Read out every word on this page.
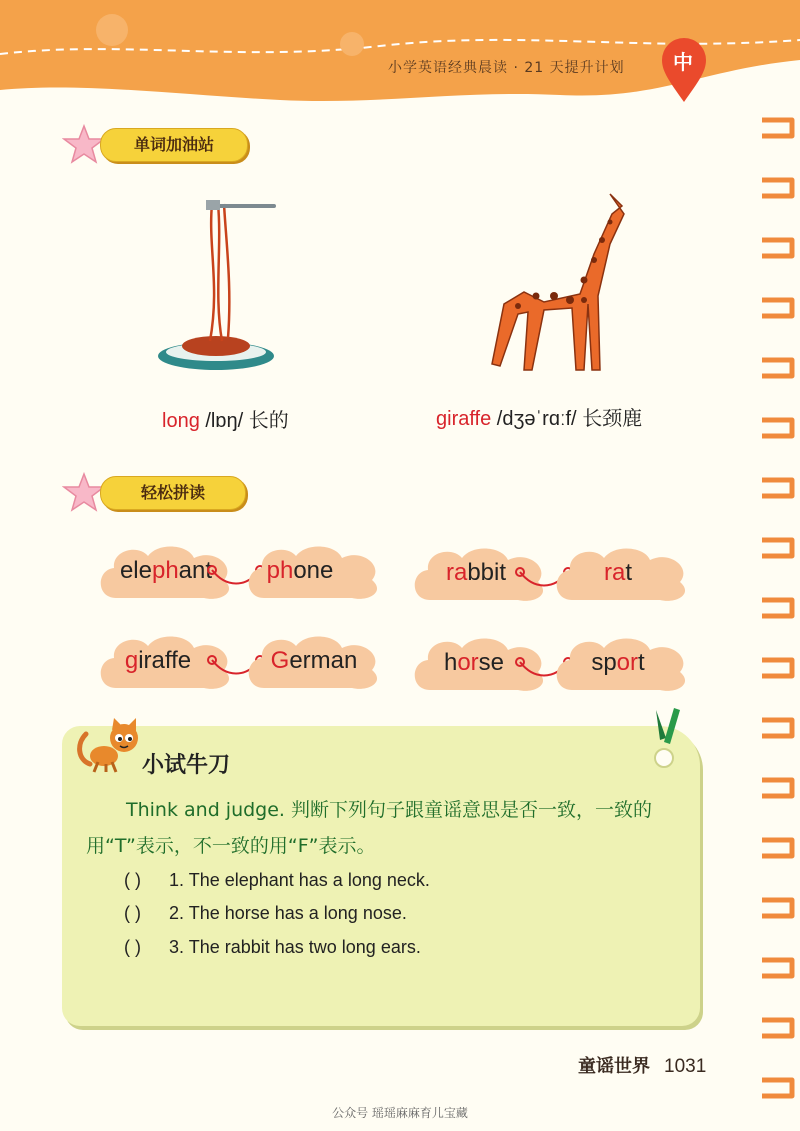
小学英语经典晨读 · 21 天提升计划	中
单词加油站
long /lɒŋ/ 长的	giraffe /dʒəˈrɑːf/ 长颈鹿
轻松拼读
elephant	phone	rabbit	rat
giraffe	German	horse	sport
小试牛刀
Think and judge. 判断下列句子跟童谣意思是否一致，一致的用“T”表示，不一致的用“F”表示。
( ) 1. The elephant has a long neck.
( ) 2. The horse has a long nose.
( ) 3. The rabbit has two long ears.
童谣世界 1031
公众号 瑶瑶麻麻育儿宝藏
